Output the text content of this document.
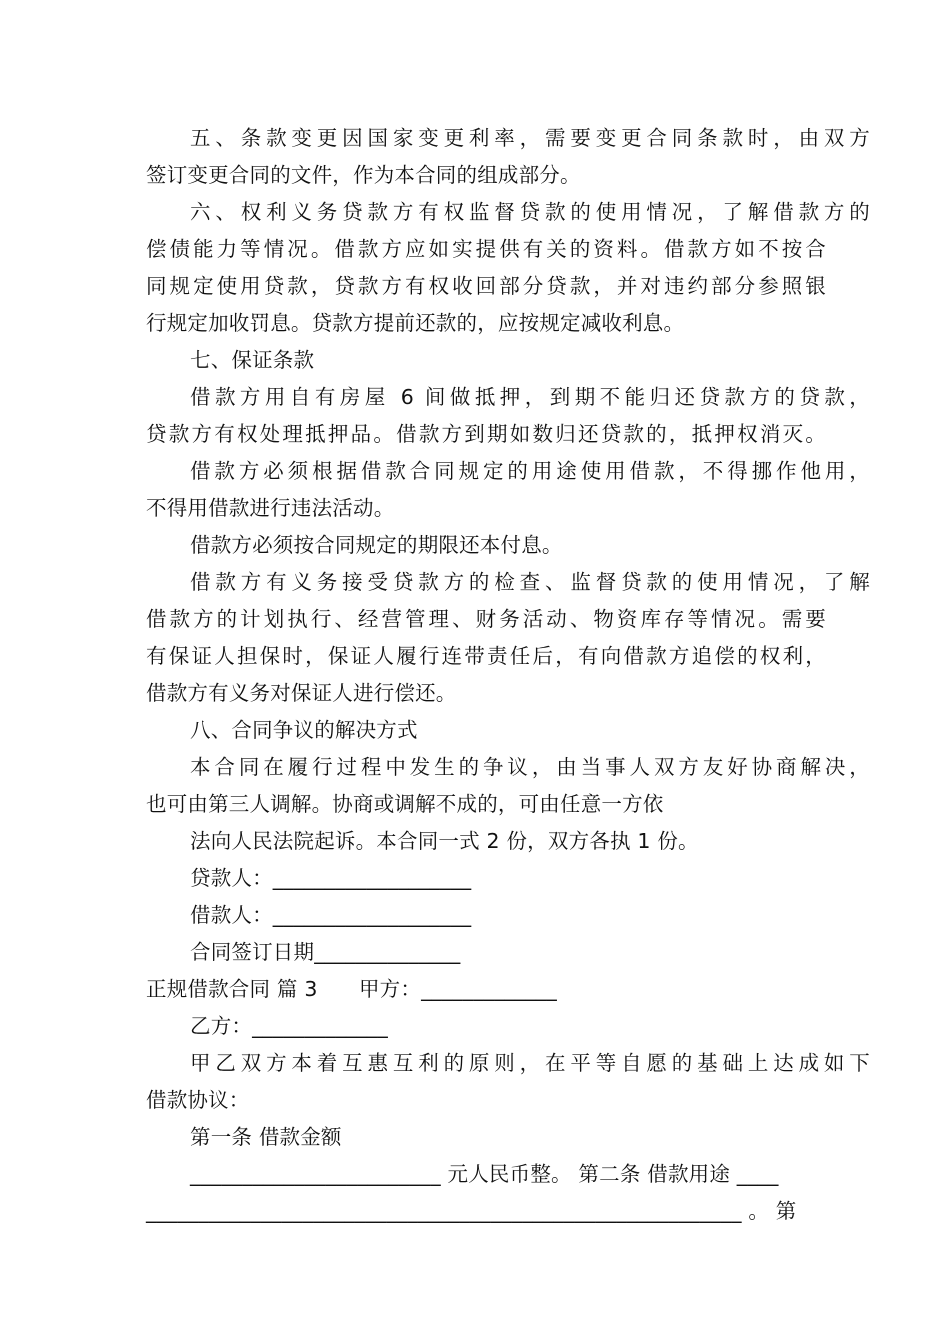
五、条款变更因国家变更利率，需要变更合同条款时，由双方
签订变更合同的文件，作为本合同的组成部分。
六、权利义务贷款方有权监督贷款的使用情况，了解借款方的
偿债能力等情况。借款方应如实提供有关的资料。借款方如不按合
同规定使用贷款，贷款方有权收回部分贷款，并对违约部分参照银
行规定加收罚息。贷款方提前还款的，应按规定减收利息。
七、保证条款
借款方用自有房屋 6 间做抵押，到期不能归还贷款方的贷款，
贷款方有权处理抵押品。借款方到期如数归还贷款的，抵押权消灭。
借款方必须根据借款合同规定的用途使用借款，不得挪作他用，
不得用借款进行违法活动。
借款方必须按合同规定的期限还本付息。
借款方有义务接受贷款方的检查、监督贷款的使用情况，了解
借款方的计划执行、经营管理、财务活动、物资库存等情况。需要
有保证人担保时，保证人履行连带责任后，有向借款方追偿的权利，
借款方有义务对保证人进行偿还。
八、合同争议的解决方式
本合同在履行过程中发生的争议，由当事人双方友好协商解决，
也可由第三人调解。协商或调解不成的，可由任意一方依
法向人民法院起诉。本合同一式 2 份，双方各执 1 份。
贷款人：___________________
借款人：___________________
合同签订日期______________
正规借款合同 篇 3　　甲方：_____________
乙方：_____________
甲乙双方本着互惠互利的原则，在平等自愿的基础上达成如下
借款协议：
第一条 借款金额
________________________ 元人民币整。 第二条 借款用途 ____
_________________________________________________________ 。 第
